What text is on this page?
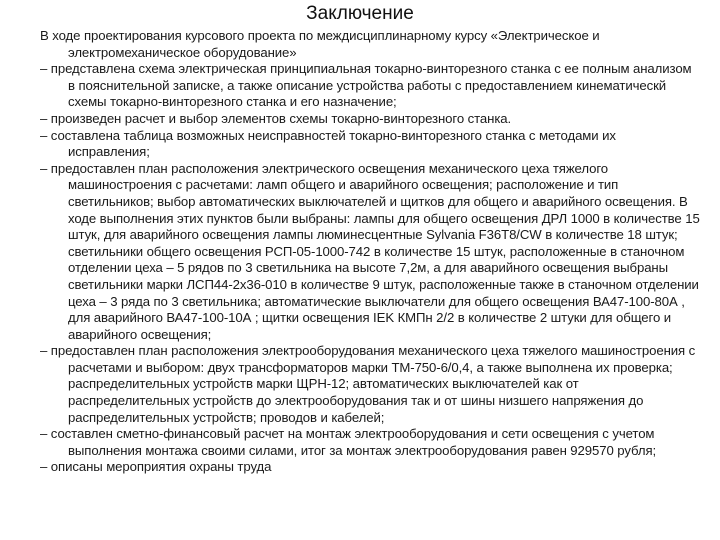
Заключение

В ходе проектирования курсового проекта по междисциплинарному курсу «Электрическое и электромеханическое оборудование»

– представлена схема электрическая принципиальная токарно-винторезного станка с ее полным анализом в пояснительной записке, а также описание устройства работы с предоставлением кинематическй схемы токарно-винторезного станка и его назначение;

– произведен расчет и выбор элементов схемы токарно-винторезного станка.

– составлена таблица возможных неисправностей токарно-винторезного станка с методами их исправления;

– предоставлен план расположения электрического освещения механического цеха тяжелого машиностроения с расчетами: ламп общего и аварийного освещения; расположение и тип светильников; выбор автоматических выключателей и щитков для общего и аварийного освещения. В ходе выполнения этих пунктов были выбраны: лампы для общего освещения ДРЛ 1000 в количестве 15 штук, для аварийного освещения лампы люминесцентные Sylvania F36T8/CW в количестве 18 штук; светильники общего освещения РСП-05-1000-742 в количестве 15 штук, расположенные в станочном отделении цеха – 5 рядов по 3 светильника на высоте 7,2м, а для аварийного освещения выбраны светильники марки ЛСП44-2х36-010 в количестве 9 штук, расположенные также в станочном отделении цеха – 3 ряда по 3 светильника; автоматические выключатели для общего освещения ВА47-100-80А , для аварийного ВА47-100-10А ; щитки освещения IEK КМПн 2/2 в количестве 2 штуки для общего и аварийного освещения;

– предоставлен план расположения электрооборудования механического цеха тяжелого машиностроения с расчетами и выбором: двух трансформаторов марки ТМ-750-6/0,4, а также выполнена их проверка; распределительных устройств марки ЩРН-12; автоматических выключателей как от распределительных устройств до электрооборудования так и от шины низшего напряжения до распределительных устройств; проводов и кабелей;

– составлен сметно-финансовый расчет на монтаж электрооборудования и сети освещения с учетом выполнения монтажа своими силами, итог за монтаж электрооборудования равен 929570 рубля;

– описаны мероприятия охраны труда
